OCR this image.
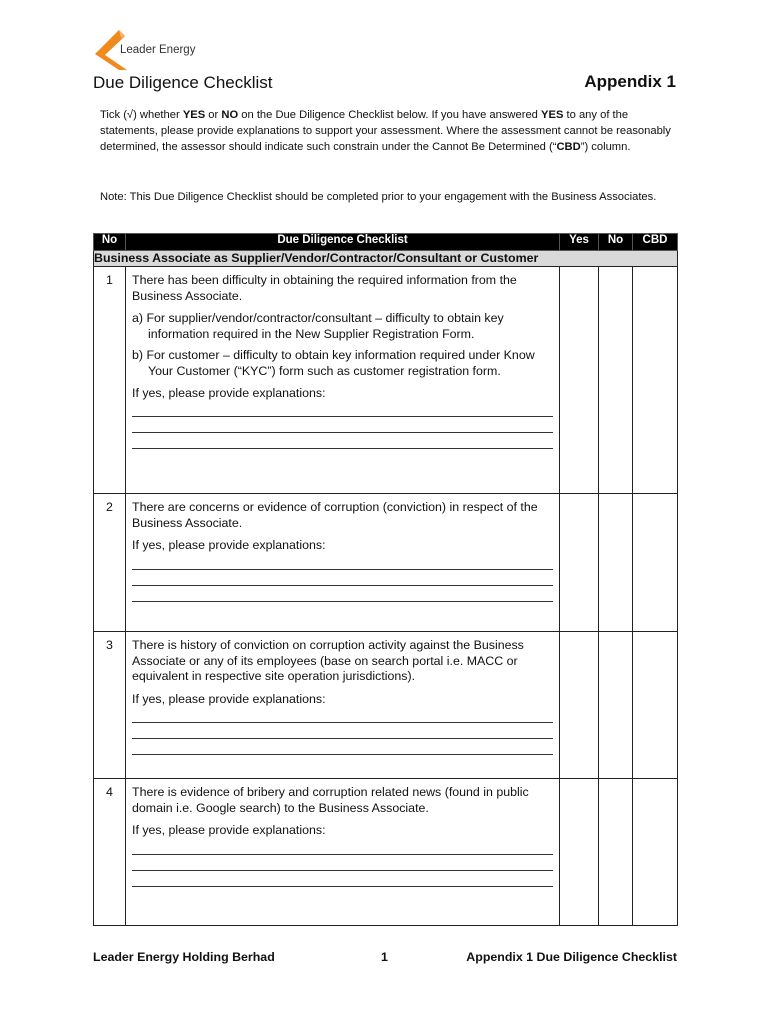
Leader Energy
Due Diligence Checklist	Appendix 1
Tick (√) whether YES or NO on the Due Diligence Checklist below. If you have answered YES to any of the statements, please provide explanations to support your assessment. Where the assessment cannot be reasonably determined, the assessor should indicate such constrain under the Cannot Be Determined (“CBD”) column.
Note: This Due Diligence Checklist should be completed prior to your engagement with the Business Associates.
No	Due Diligence Checklist	Yes	No	CBD
Business Associate as Supplier/Vendor/Contractor/Consultant or Customer				
1	There has been difficulty in obtaining the required information from the Business Associate.

a) For supplier/vendor/contractor/consultant – difficulty to obtain key information required in the New Supplier Registration Form.

b) For customer – difficulty to obtain key information required under Know Your Customer (“KYC”) form such as customer registration form.

If yes, please provide explanations:			

2	There are concerns or evidence of corruption (conviction) in respect of the Business Associate.

If yes, please provide explanations:			

3	There is history of conviction on corruption activity against the Business Associate or any of its employees (base on search portal i.e. MACC or equivalent in respective site operation jurisdictions).

If yes, please provide explanations:			

4	There is evidence of bribery and corruption related news (found in public domain i.e. Google search) to the Business Associate.

If yes, please provide explanations:			

Leader Energy Holding Berhad	1	Appendix 1 Due Diligence Checklist
